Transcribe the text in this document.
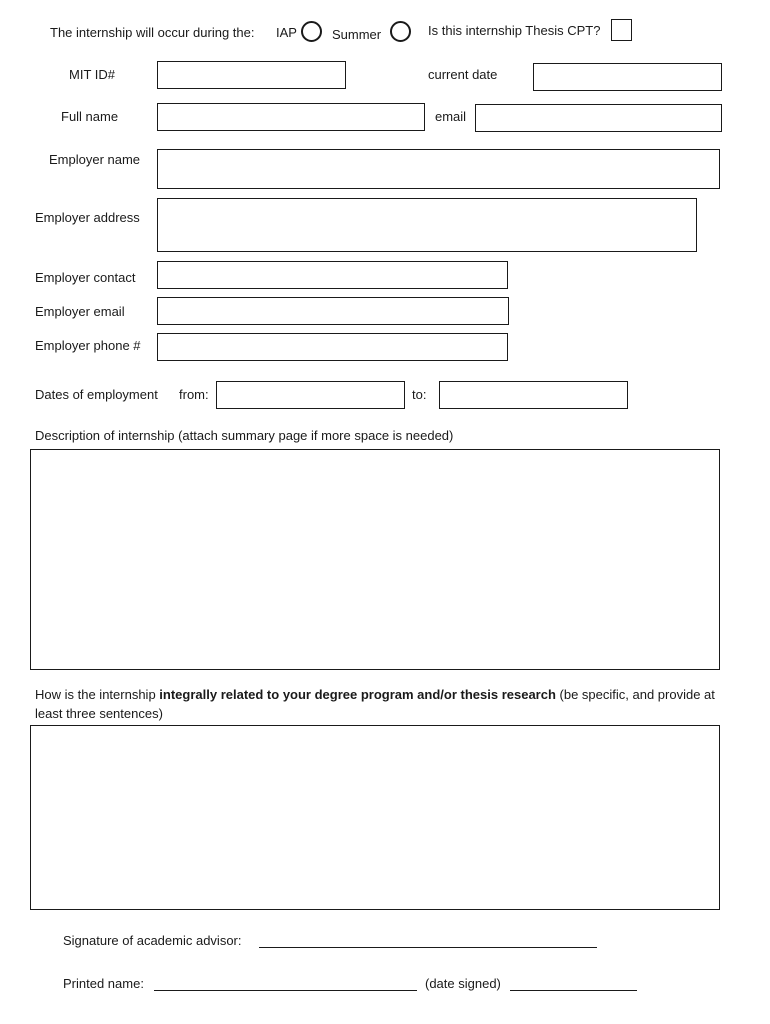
The internship will occur during the: IAP	Summer	Is this internship Thesis CPT?
MIT ID#	current date
Full name	email
Employer name
Employer address
Employer contact
Employer email
Employer phone #
Dates of employment from:	to:
Description of internship (attach summary page if more space is needed)
How is the internship integrally related to your degree program and/or thesis research (be specific, and provide at least three sentences)
Signature of academic advisor:
Printed name:	(date signed)
